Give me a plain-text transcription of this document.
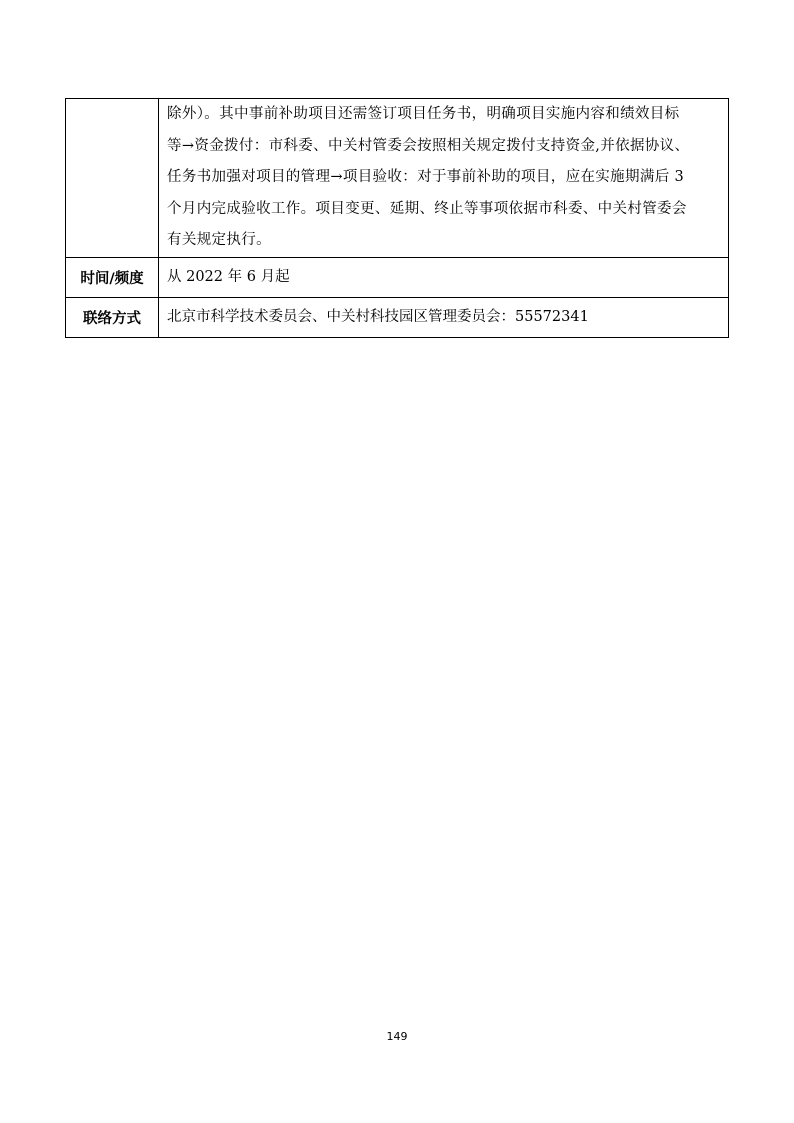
	除外）。其中事前补助项目还需签订项目任务书，明确项目实施内容和绩效目标
等→资金拨付：市科委、中关村管委会按照相关规定拨付支持资金,并依据协议、
任务书加强对项目的管理→项目验收：对于事前补助的项目，应在实施期满后 3
个月内完成验收工作。项目变更、延期、终止等事项依据市科委、中关村管委会
有关规定执行。

时间/频度	从 2022 年 6 月起

联络方式	北京市科学技术委员会、中关村科技园区管理委员会：55572341
149
